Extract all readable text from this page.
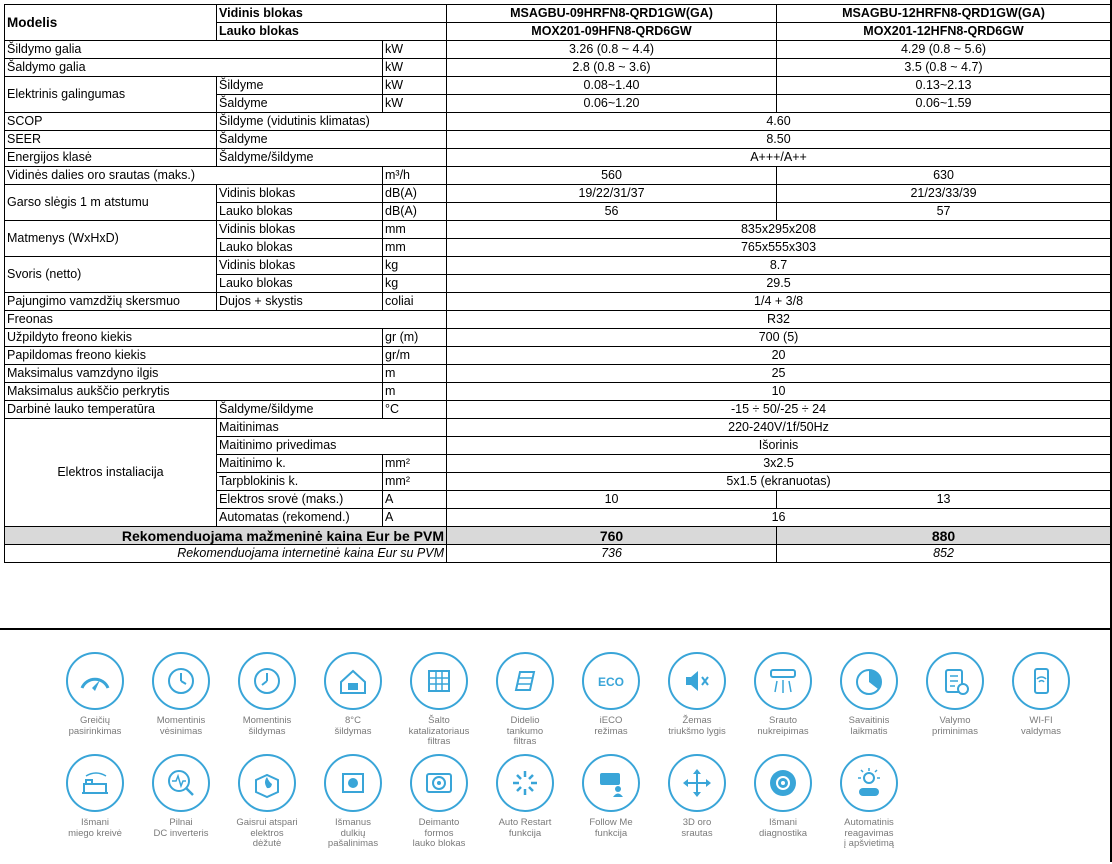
Modelis	Vidinis blokas		MSAGBU-09HRFN8-QRD1GW(GA)	MSAGBU-12HRFN8-QRD1GW(GA)
	Lauko blokas		MOX201-09HFN8-QRD6GW	MOX201-12HFN8-QRD6GW
Šildymo galia		kW	3.26 (0.8 ~ 4.4)	4.29 (0.8 ~ 5.6)
Šaldymo galia		kW	2.8 (0.8 ~ 3.6)	3.5 (0.8 ~ 4.7)
Elektrinis galingumas	Šildyme	kW	0.08~1.40	0.13~2.13
	Šaldyme	kW	0.06~1.20	0.06~1.59
SCOP	Šildyme (vidutinis klimatas)		4.60	
SEER	Šaldyme		8.50	
Energijos klasė	Šaldyme/šildyme		A+++/A++	
Vidinės dalies oro srautas (maks.)		m³/h	560	630
Garso slėgis 1 m atstumu	Vidinis blokas	dB(A)	19/22/31/37	21/23/33/39
	Lauko blokas	dB(A)	56	57
Matmenys (WxHxD)	Vidinis blokas	mm	835x295x208	
	Lauko blokas	mm	765x555x303	
Svoris (netto)	Vidinis blokas	kg	8.7	
	Lauko blokas	kg	29.5	
Pajungimo vamzdžių skersmuo	Dujos + skystis	coliai	1/4 + 3/8	
Freonas			R32	
Užpildyto freono kiekis		gr (m)	700 (5)	
Papildomas freono kiekis		gr/m	20	
Maksimalus vamzdyno ilgis		m	25	
Maksimalus aukščio perkrytis		m	10	
Darbinė lauko temperatūra	Šaldyme/šildyme	°C	-15 ÷ 50/-25 ÷ 24	
Elektros instaliacija	Maitinimas		220-240V/1f/50Hz	
	Maitinimo privedimas		Išorinis	
	Maitinimo k.	mm²	3x2.5	
	Tarpblokinis k.	mm²	5x1.5 (ekranuotas)	
	Elektros srovė (maks.)	A	10	13
	Automatas (rekomend.)	A	16	
Rekomenduojama mažmeninė kaina Eur be PVM			760	880
Rekomenduojama internetinė kaina Eur su PVM			736	852
Greičių
pasirinkimas
Momentinis
vėsinimas
Momentinis
šildymas
8°C
šildymas
Šalto
katalizatoriaus
filtras
Didelio
tankumo
filtras
ECO
iECO
režimas
Žemas
triukšmo lygis
Srauto
nukreipimas
Savaitinis
laikmatis
Valymo
priminimas
WI-FI
valdymas
Išmani
miego kreivė
Pilnai
DC inverteris
Gaisrui atspari
elektros
dėžutė
Išmanus
dulkių
pašalinimas
Deimanto
formos
lauko blokas
Auto Restart
funkcija
Follow Me
funkcija
3D oro
srautas
Išmani
diagnostika
Automatinis
reagavimas
į apšvietimą
